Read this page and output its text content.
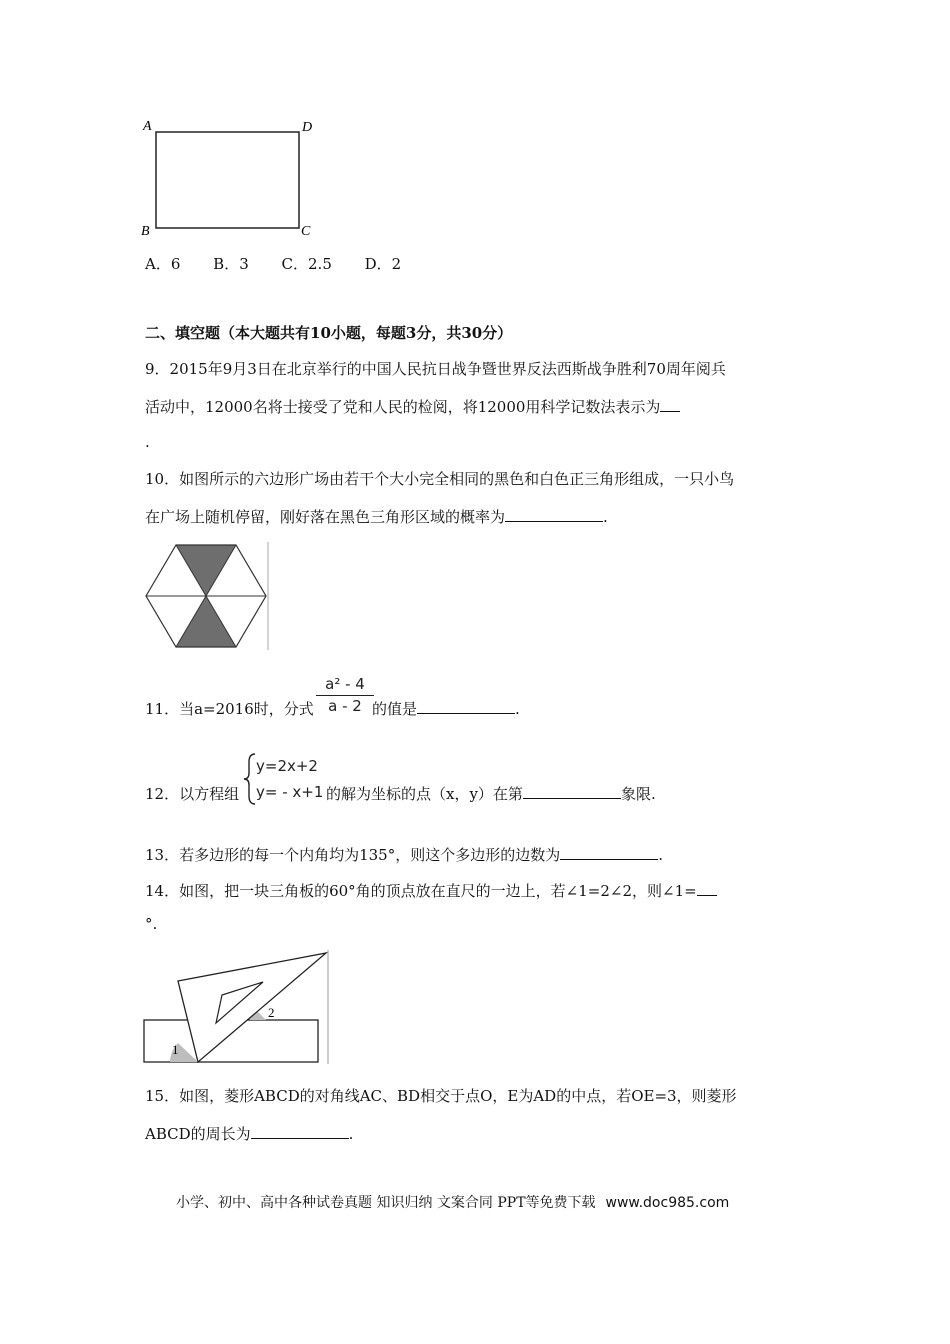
A	D
B	C
A．6 B．3 C．2.5 D．2
二、填空题（本大题共有10小题，每题3分，共30分）
9．2015年9月3日在北京举行的中国人民抗日战争暨世界反法西斯战争胜利70周年阅兵
活动中，12000名将士接受了党和人民的检阅，将12000用科学记数法表示为
.
10．如图所示的六边形广场由若干个大小完全相同的黑色和白色正三角形组成，一只小鸟
在广场上随机停留，刚好落在黑色三角形区域的概率为	.
11．当a=2016时，分式 $\frac{\text{a² - 4}}{a - 2}$
的值是	.
12．以方程组
y=2x+2
y= - x+1 的解为坐标的点（x，y）在第	象限.
13．若多边形的每一个内角均为135°，则这个多边形的边数为	.
14．如图，把一块三角板的60°角的顶点放在直尺的一边上，若∠1=2∠2，则∠1=
°.
1
2
15．如图，菱形ABCD的对角线AC、BD相交于点O，E为AD的中点，若OE=3，则菱形
ABCD的周长为	.
小学、初中、高中各种试卷真题 知识归纳 文案合同 PPT等免费下载 www.doc985.com
